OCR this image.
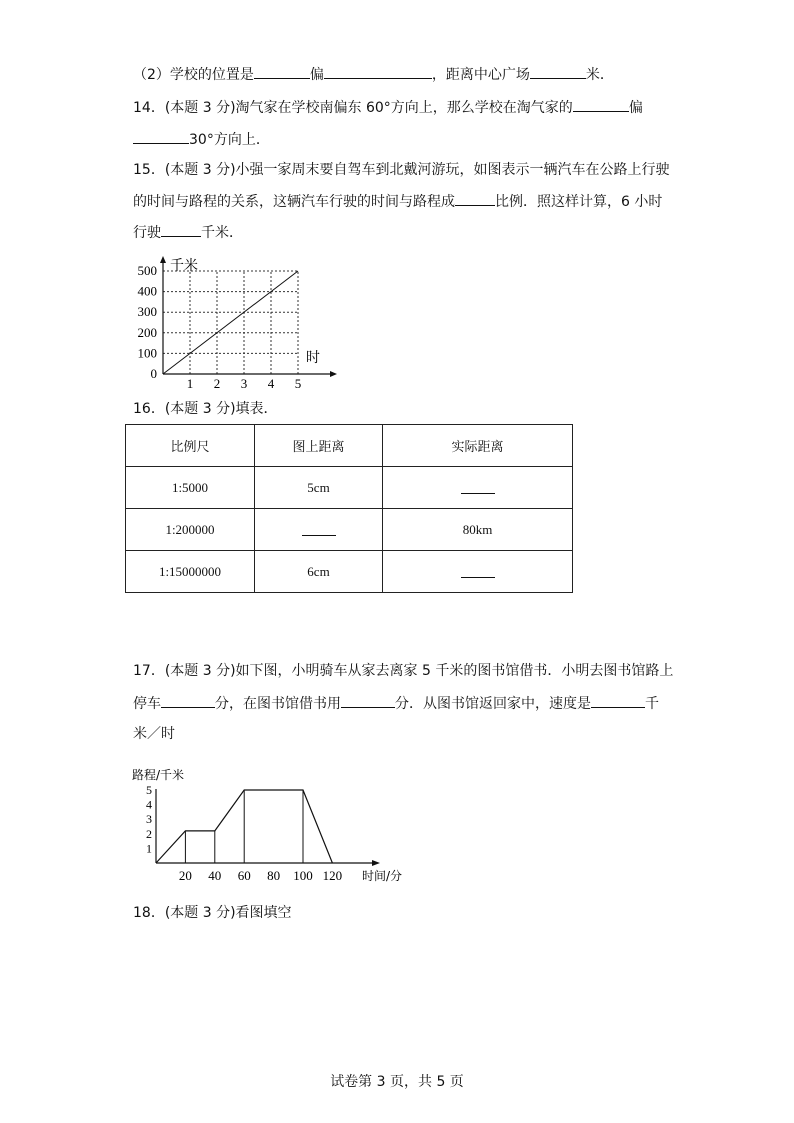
（2）学校的位置是	偏	，距离中心广场	米．
14．(本题 3 分)淘气家在学校南偏东 60°方向上，那么学校在淘气家的	偏
30°方向上．
15．(本题 3 分)小强一家周末要自驾车到北戴河游玩，如图表示一辆汽车在公路上行驶
的时间与路程的关系，这辆汽车行驶的时间与路程成	比例．照这样计算，6 小时
行驶	千米．
千米
时
500
400
300
200
100
0
1 2 3 4 5
16．(本题 3 分)填表．
比例尺	图上距离	实际距离
1:5000	5cm	
1:200000		80km
1:15000000	6cm	
17．(本题 3 分)如下图，小明骑车从家去离家 5 千米的图书馆借书．小明去图书馆路上
停车	分，在图书馆借书用	分．从图书馆返回家中，速度是	千
米／时
路程/千米
时间/分
5
4
3
2
1
20 40 60 80 100 120
18．(本题 3 分)看图填空
试卷第 3 页，共 5 页
